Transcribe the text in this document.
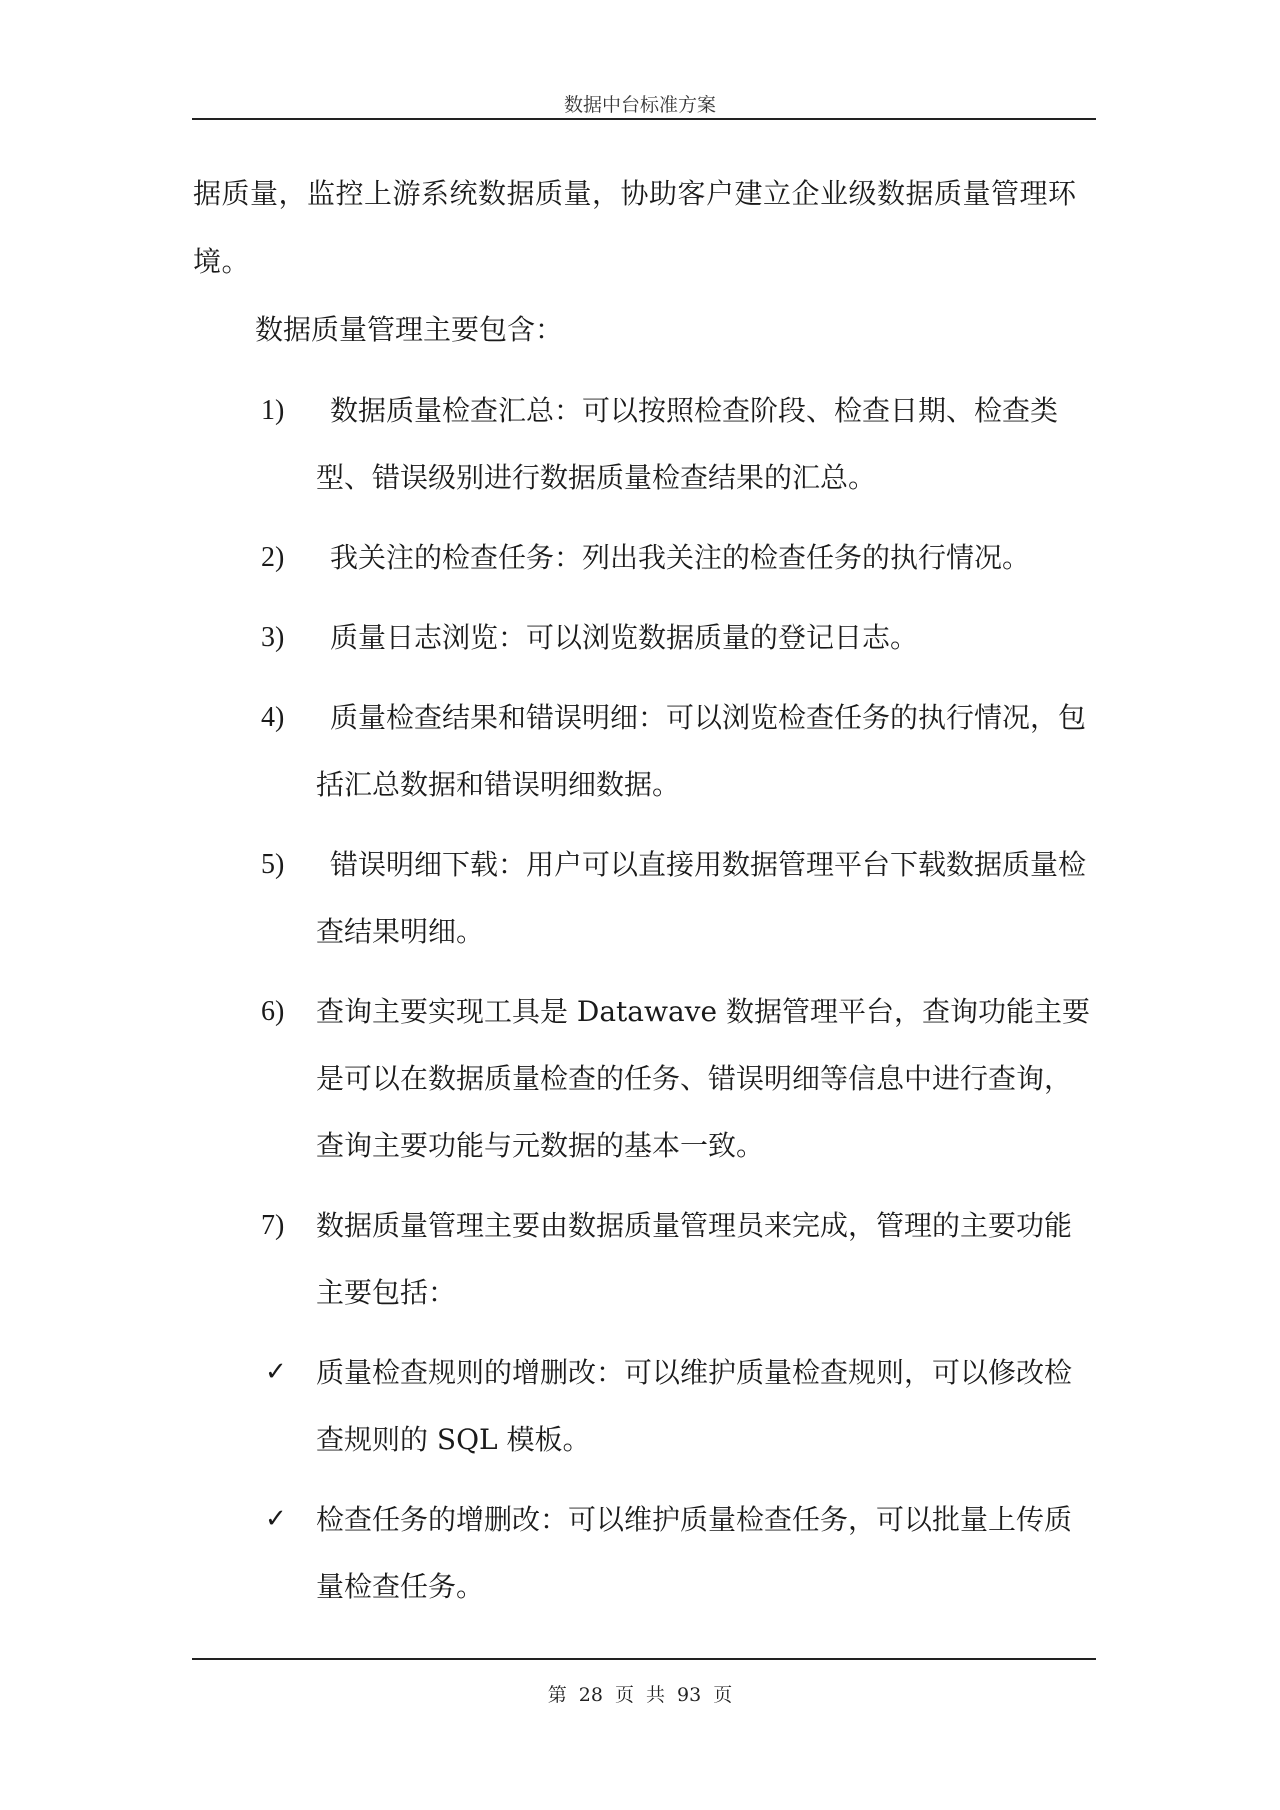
数据中台标准方案

据质量，监控上游系统数据质量，协助客户建立企业级数据质量管理环境。

数据质量管理主要包含：

1)	数据质量检查汇总：可以按照检查阶段、检查日期、检查类型、错误级别进行数据质量检查结果的汇总。

2)	我关注的检查任务：列出我关注的检查任务的执行情况。

3)	质量日志浏览：可以浏览数据质量的登记日志。

4)	质量检查结果和错误明细：可以浏览检查任务的执行情况，包括汇总数据和错误明细数据。

5)	错误明细下载：用户可以直接用数据管理平台下载数据质量检查结果明细。

6)	查询主要实现工具是 Datawave 数据管理平台，查询功能主要是可以在数据质量检查的任务、错误明细等信息中进行查询，查询主要功能与元数据的基本一致。

7)	数据质量管理主要由数据质量管理员来完成，管理的主要功能主要包括：

✓	质量检查规则的增删改：可以维护质量检查规则，可以修改检查规则的 SQL 模板。

✓	检查任务的增删改：可以维护质量检查任务，可以批量上传质量检查任务。

第 28 页 共 93 页
